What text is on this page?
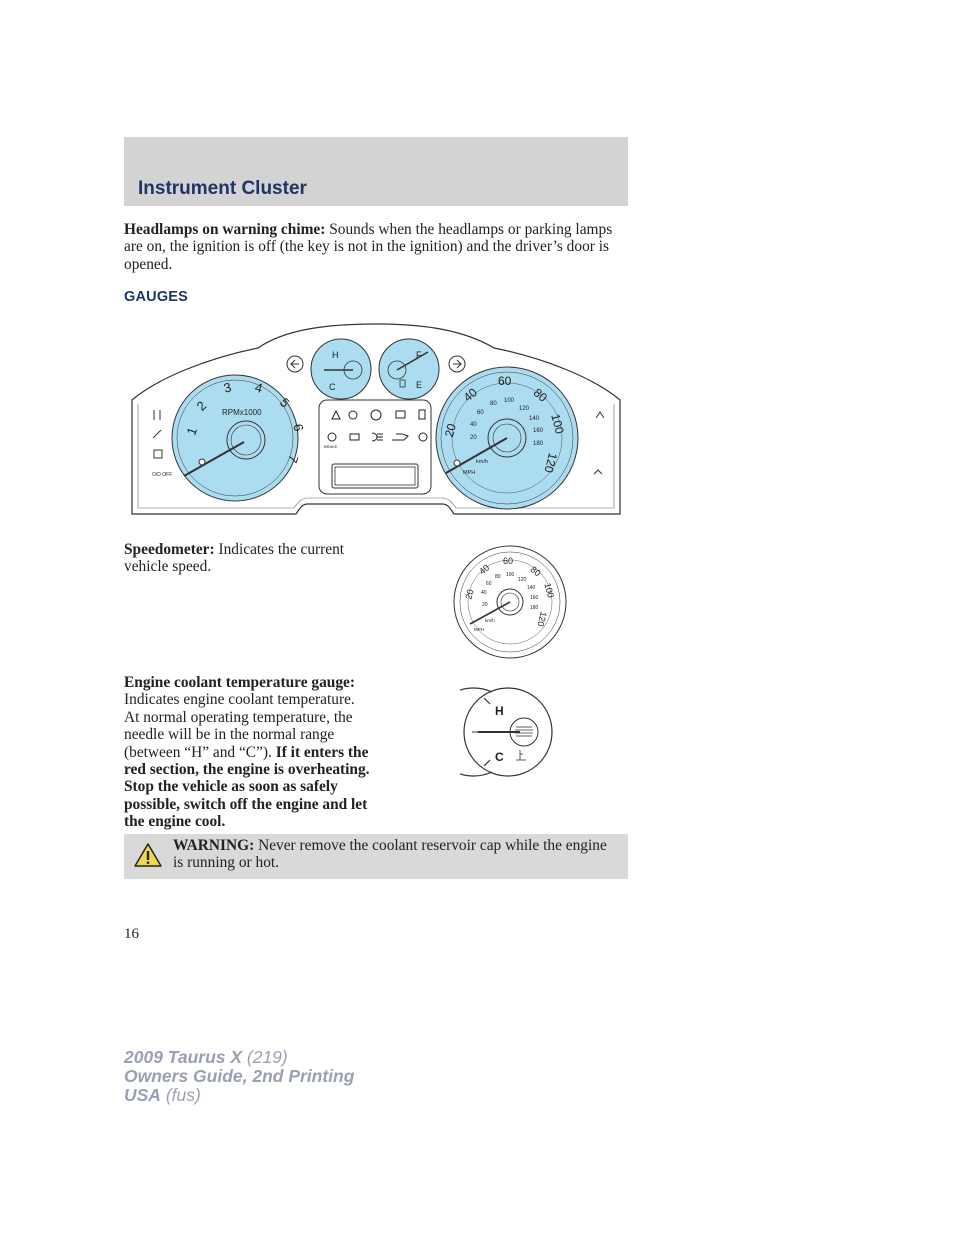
Instrument Cluster
Headlamps on warning chime: Sounds when the headlamps or parking lamps are on, the ignition is off (the key is not in the ignition) and the driver’s door is opened.
GAUGES
BRAKE
RPMx1000
1
2
3 4
5
6
7
H
C
F
E
20
40
60
80
100
120
20
40
60
80 100
120
140
160
180
km/h
MPH
O/D OFF
Speedometer: Indicates the current vehicle speed.
20
40
60
80
100
120
20
40
60
80 100
120
140
160
180
km/h
MPH
Engine coolant temperature gauge: Indicates engine coolant temperature. At normal operating temperature, the needle will be in the normal range (between “H” and “C”). If it enters the red section, the engine is overheating. Stop the vehicle as soon as safely possible, switch off the engine and let the engine cool.
H
C
WARNING: Never remove the coolant reservoir cap while the engine is running or hot.
16
2009 Taurus X (219)
Owners Guide, 2nd Printing
USA (fus)
